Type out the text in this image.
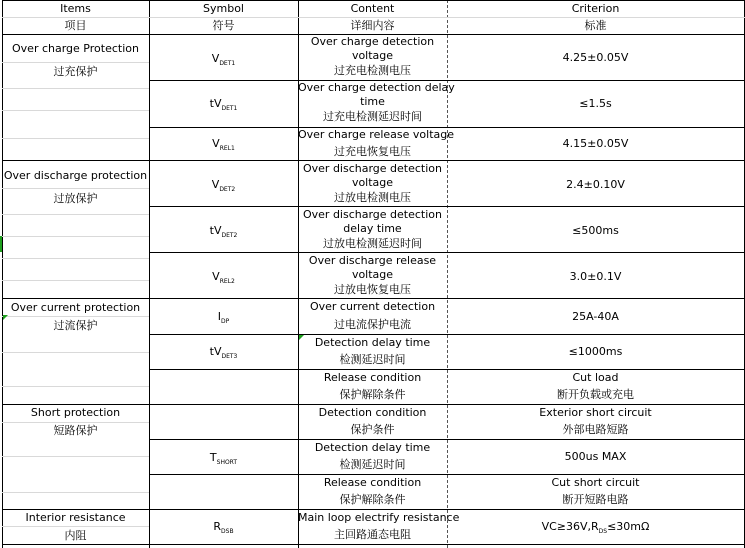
Items
项目
Symbol
符号
Content
详细内容
Criterion
标准
Over charge Protection
过充保护
Over discharge protection
过放保护
Over current protection
过流保护
Short protection
短路保护
Interior resistance
内阻
$V_{DET1}$
Over charge detection
voltage
过充电检测电压
4.25±0.05V
$tV_{DET1}$
Over charge detection delay
time
过充电检测延迟时间
≤1.5s
$V_{REL1}$
Over charge release voltage
过充电恢复电压
4.15±0.05V
$V_{DET2}$
Over discharge detection
voltage
过放电检测电压
2.4±0.10V
$tV_{DET2}$
Over discharge detection
delay time
过放电检测延迟时间
≤500ms
$V_{REL2}$
Over discharge release
voltage
过放电恢复电压
3.0±0.1V
$I_{DP}$
Over current detection
过电流保护电流
25A-40A
$tV_{DET3}$
Detection delay time
检测延迟时间
≤1000ms
Release condition
保护解除条件
Cut load
断开负载或充电
Detection condition
保护条件
Exterior short circuit
外部电路短路
$T_{SHORT}$
Detection delay time
检测延迟时间
500us MAX
Release condition
保护解除条件
Cut short circuit
断开短路电路
$R_{DSB}$
Main loop electrify resistance
主回路通态电阻
$VC\ge 36V,R_{DS}\le 30m\Omega$
